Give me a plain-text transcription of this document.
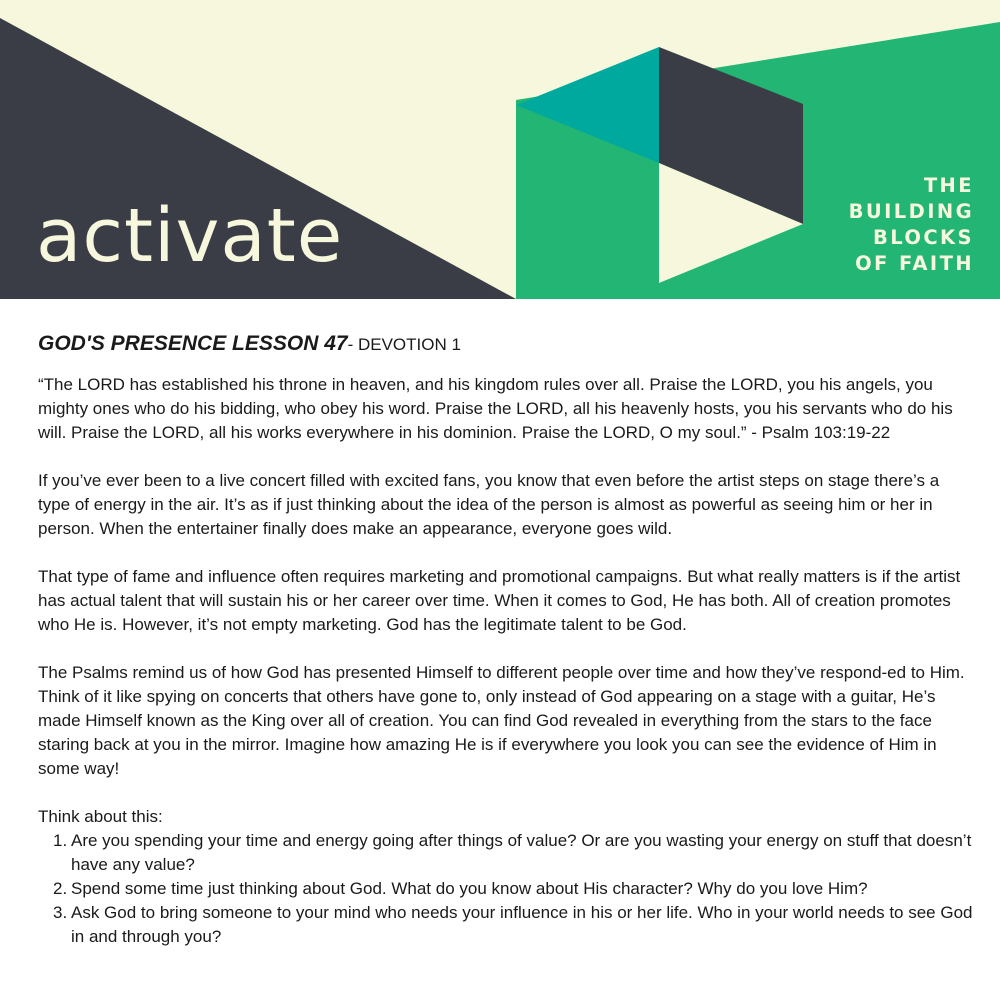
activate
THE
BUILDING
BLOCKS
OF FAITH
GOD'S PRESENCE LESSON 47- DEVOTION 1

“The LORD has established his throne in heaven, and his kingdom rules over all. Praise the LORD, you his angels, you mighty ones who do his bidding, who obey his word. Praise the LORD, all his heavenly hosts, you his servants who do his will. Praise the LORD, all his works everywhere in his dominion. Praise the LORD, O my soul.” - Psalm 103:19-22

If you’ve ever been to a live concert filled with excited fans, you know that even before the artist steps on stage there’s a type of energy in the air. It’s as if just thinking about the idea of the person is almost as powerful as seeing him or her in person. When the entertainer finally does make an appearance, everyone goes wild.

That type of fame and influence often requires marketing and promotional campaigns. But what really matters is if the artist has actual talent that will sustain his or her career over time. When it comes to God, He has both. All of creation promotes who He is. However, it’s not empty marketing. God has the legitimate talent to be God.

The Psalms remind us of how God has presented Himself to different people over time and how they’ve respond-ed to Him. Think of it like spying on concerts that others have gone to, only instead of God appearing on a stage with a guitar, He’s made Himself known as the King over all of creation. You can find God revealed in everything from the stars to the face staring back at you in the mirror. Imagine how amazing He is if everywhere you look you can see the evidence of Him in some way!

Think about this:
1. Are you spending your time and energy going after things of value? Or are you wasting your energy on stuff that doesn’t have any value?
2. Spend some time just thinking about God. What do you know about His character? Why do you love Him?
3. Ask God to bring someone to your mind who needs your influence in his or her life. Who in your world needs to see God in and through you?
